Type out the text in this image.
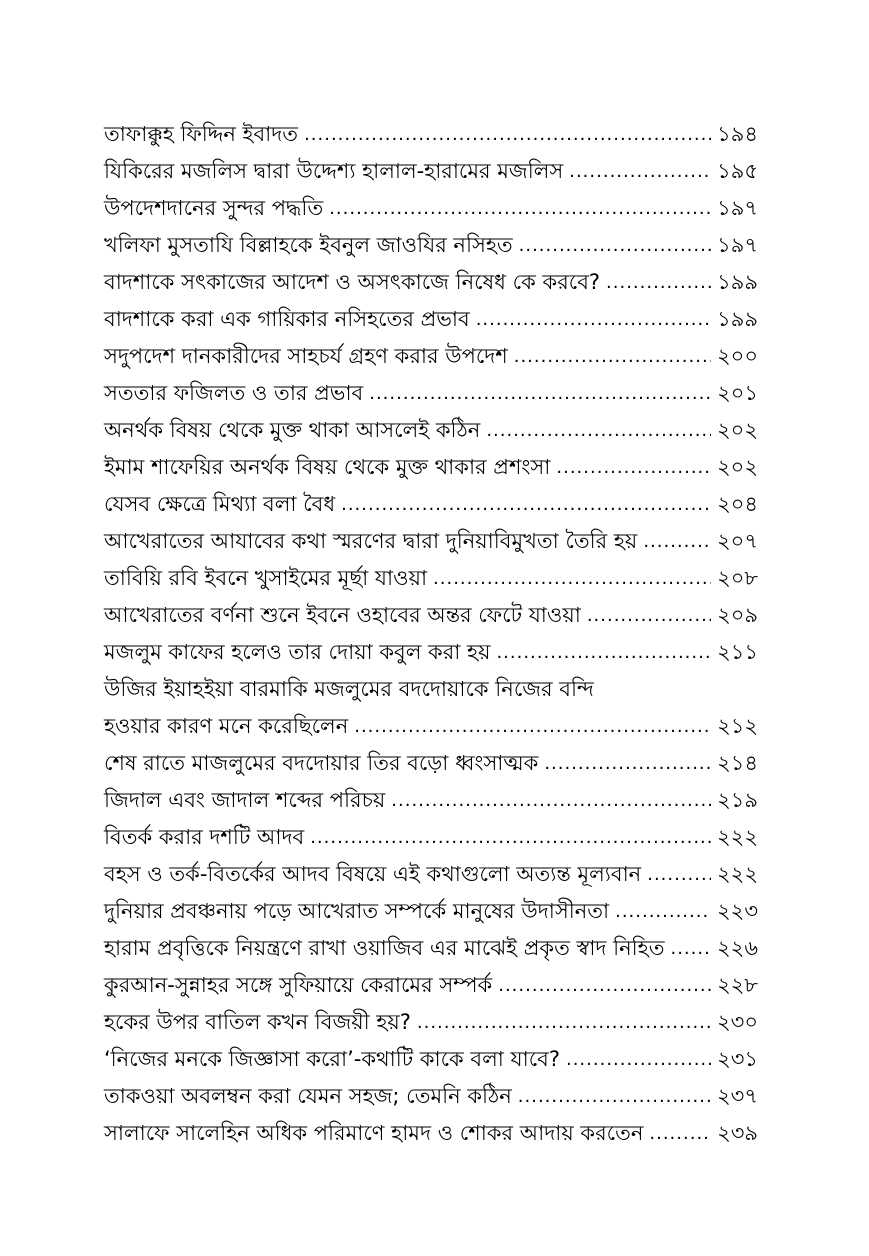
তাফাক্কুহ ফিদ্দিন ইবাদত .....	১৯৪
যিকিরের মজলিস দ্বারা উদ্দেশ্য হালাল-হারামের মজলিস .....	১৯৫
উপদেশদানের সুন্দর পদ্ধতি .....	১৯৭
খলিফা মুসতাযি বিল্লাহকে ইবনুল জাওযির নসিহত .....	১৯৭
বাদশাকে সৎকাজের আদেশ ও অসৎকাজে নিষেধ কে করবে? .....	১৯৯
বাদশাকে করা এক গায়িকার নসিহতের প্রভাব .....	১৯৯
সদুপদেশ দানকারীদের সাহচর্য গ্রহণ করার উপদেশ .....	২০০
সততার ফজিলত ও তার প্রভাব .....	২০১
অনর্থক বিষয় থেকে মুক্ত থাকা আসলেই কঠিন .....	২০২
ইমাম শাফেয়ির অনর্থক বিষয় থেকে মুক্ত থাকার প্রশংসা .....	২০২
যেসব ক্ষেত্রে মিথ্যা বলা বৈধ .....	২০৪
আখেরাতের আযাবের কথা স্মরণের দ্বারা দুনিয়াবিমুখতা তৈরি হয় .....	২০৭
তাবিয়ি রবি ইবনে খুসাইমের মূর্ছা যাওয়া .....	২০৮
আখেরাতের বর্ণনা শুনে ইবনে ওহাবের অন্তর ফেটে যাওয়া .....	২০৯
মজলুম কাফের হলেও তার দোয়া কবুল করা হয় .....	২১১
উজির ইয়াহইয়া বারমাকি মজলুমের বদদোয়াকে নিজের বন্দি
হওয়ার কারণ মনে করেছিলেন .....	২১২
শেষ রাতে মাজলুমের বদদোয়ার তির বড়ো ধ্বংসাত্মক .....	২১৪
জিদাল এবং জাদাল শব্দের পরিচয় .....	২১৯
বিতর্ক করার দশটি আদব .....	২২২
বহস ও তর্ক-বিতর্কের আদব বিষয়ে এই কথাগুলো অত্যন্ত মূল্যবান .....	২২২
দুনিয়ার প্রবঞ্চনায় পড়ে আখেরাত সম্পর্কে মানুষের উদাসীনতা .....	২২৩
হারাম প্রবৃত্তিকে নিয়ন্ত্রণে রাখা ওয়াজিব এর মাঝেই প্রকৃত স্বাদ নিহিত .....	২২৬
কুরআন-সুন্নাহর সঙ্গে সুফিয়ায়ে কেরামের সম্পর্ক .....	২২৮
হকের উপর বাতিল কখন বিজয়ী হয়? .....	২৩০
‘নিজের মনকে জিজ্ঞাসা করো’-কথাটি কাকে বলা যাবে? .....	২৩১
তাকওয়া অবলম্বন করা যেমন সহজ; তেমনি কঠিন .....	২৩৭
সালাফে সালেহিন অধিক পরিমাণে হামদ ও শোকর আদায় করতেন .....	২৩৯
